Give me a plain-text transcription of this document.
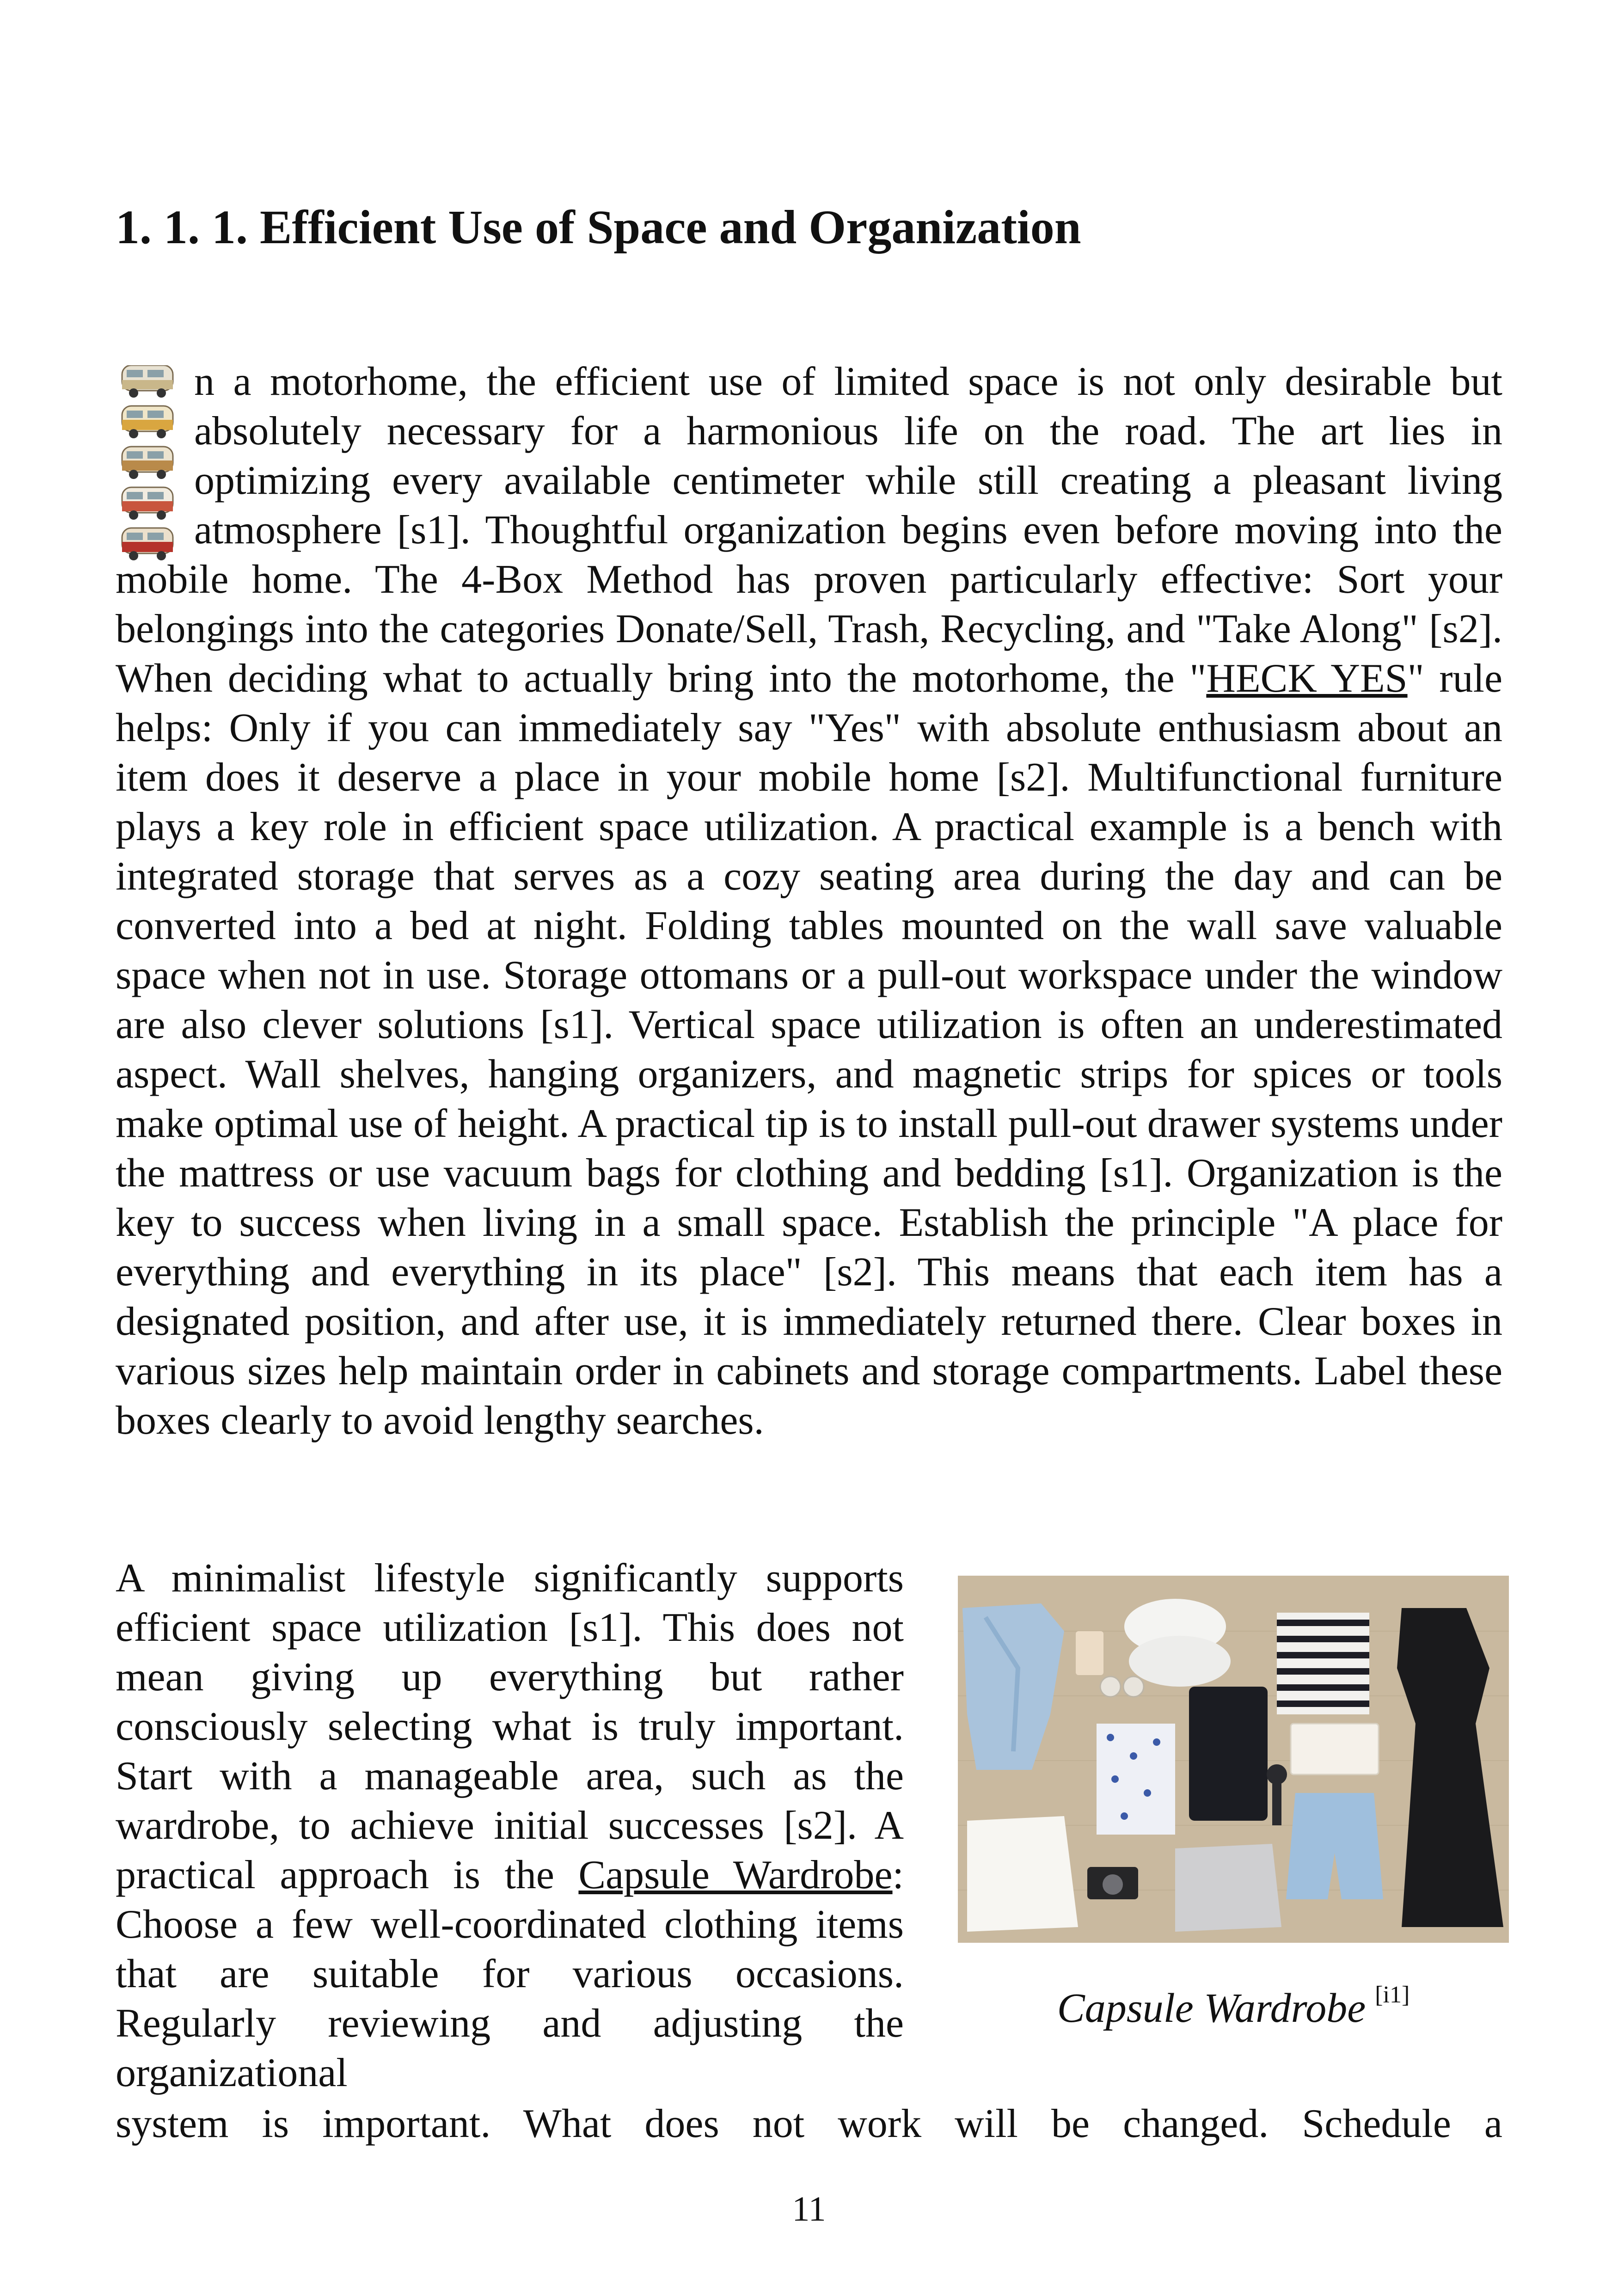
1. 1. 1. Efficient Use of Space and Organization

n a motorhome, the efficient use of limited space is not only desirable but absolutely necessary for a harmonious life on the road. The art lies in optimizing every available centimeter while still creating a pleasant living atmosphere [s1]. Thoughtful organization begins even before moving into the mobile home. The 4-Box Method has proven particularly effective: Sort your belongings into the categories Donate/Sell, Trash, Recycling, and "Take Along" [s2]. When deciding what to actually bring into the motorhome, the "HECK YES" rule helps: Only if you can immediately say "Yes" with absolute enthusiasm about an item does it deserve a place in your mobile home [s2]. Multifunctional furniture plays a key role in efficient space utilization. A practical example is a bench with integrated storage that serves as a cozy seating area during the day and can be converted into a bed at night. Folding tables mounted on the wall save valuable space when not in use. Storage ottomans or a pull-out workspace under the window are also clever solutions [s1]. Vertical space utilization is often an underestimated aspect. Wall shelves, hanging organizers, and magnetic strips for spices or tools make optimal use of height. A practical tip is to install pull-out drawer systems under the mattress or use vacuum bags for clothing and bedding [s1]. Organization is the key to success when living in a small space. Establish the principle "A place for everything and everything in its place" [s2]. This means that each item has a designated position, and after use, it is immediately returned there. Clear boxes in various sizes help maintain order in cabinets and storage compartments. Label these boxes clearly to avoid lengthy searches.

A minimalist lifestyle significantly supports efficient space utilization [s1]. This does not mean giving up everything but rather consciously selecting what is truly important. Start with a manageable area, such as the wardrobe, to achieve initial successes [s2]. A practical approach is the Capsule Wardrobe: Choose a few well-coordinated clothing items that are suitable for various occasions. Regularly reviewing and adjusting the organizational

system is important. What does not work will be changed. Schedule a

Capsule Wardrobe [i1]
11
